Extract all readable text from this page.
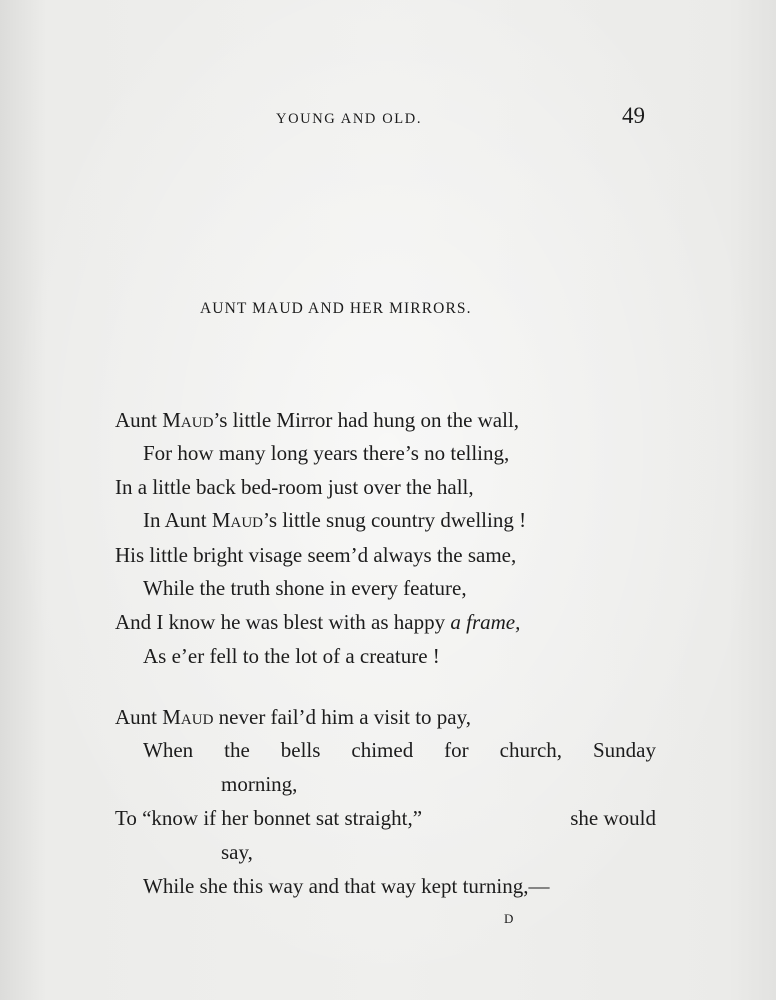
YOUNG AND OLD.	49
AUNT MAUD AND HER MIRRORS.
Aunt Maud’s little Mirror had hung on the wall,
For how many long years there’s no telling,
In a little back bed-room just over the hall,
In Aunt Maud’s little snug country dwelling !
His little bright visage seem’d always the same,
While the truth shone in every feature,
And I know he was blest with as happy a frame,
As e’er fell to the lot of a creature !
Aunt Maud never fail’d him a visit to pay,
When the bells chimed for church, Sunday
morning,
To “know if her bonnet sat straight,”	she would
say,
While she this way and that way kept turning,—
D
